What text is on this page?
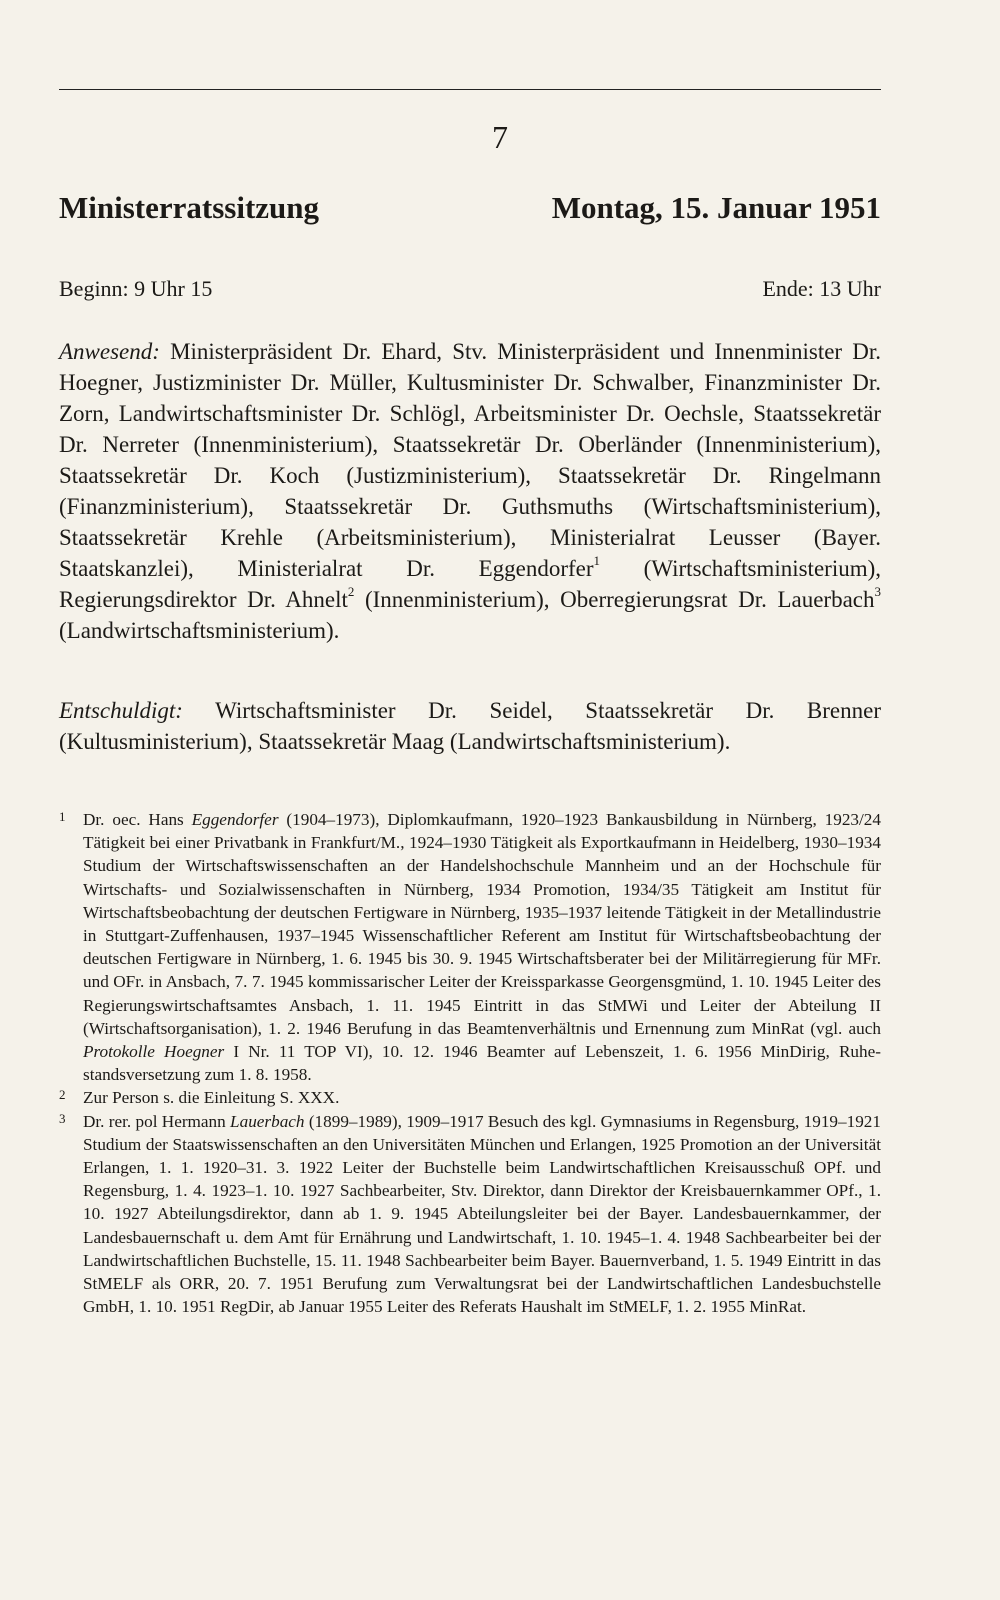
7
Ministerratssitzung	Montag, 15. Januar 1951
Beginn: 9 Uhr 15	Ende: 13 Uhr
Anwesend: Ministerpräsident Dr. Ehard, Stv. Ministerpräsident und Innenminister Dr. Hoegner, Justizminister Dr. Müller, Kultusminister Dr. Schwalber, Finanzminister Dr. Zorn, Landwirtschaftsminister Dr. Schlögl, Arbeitsminister Dr. Oechsle, Staatssekretär Dr. Nerreter (Innenministerium), Staatssekretär Dr. Oberländer (Innenministerium), Staatssekretär Dr. Koch (Justizministerium), Staatssekretär Dr. Ringelmann (Finanzministerium), Staatssekretär Dr. Guthsmuths (Wirtschaftsministerium), Staatssekretär Krehle (Arbeitsministerium), Ministerialrat Leusser (Bayer. Staatskanzlei), Ministerialrat Dr. Eggendorfer$^1$ (Wirtschaftsministerium), Regierungsdirektor Dr. Ahnelt$^2$ (Innenministerium), Oberregierungsrat Dr. Lauerbach$^3$ (Landwirtschaftsministerium).
Entschuldigt: Wirtschaftsminister Dr. Seidel, Staatssekretär Dr. Brenner (Kultusministerium), Staatssekretär Maag (Landwirtschaftsministerium).
1 Dr. oec. Hans Eggendorfer (1904–1973), Diplomkaufmann, 1920–1923 Bankausbildung in Nürnberg, 1923/24 Tätigkeit bei einer Privatbank in Frankfurt/M., 1924–1930 Tätigkeit als Exportkaufmann in Heidelberg, 1930–1934 Studium der Wirtschaftswissenschaften an der Handelshochschule Mannheim und an der Hochschule für Wirtschafts- und Sozialwissenschaften in Nürnberg, 1934 Promotion, 1934/35 Tätigkeit am Institut für Wirtschaftsbeobachtung der deutschen Fertigware in Nürnberg, 1935–1937 leitende Tätigkeit in der Metallindustrie in Stuttgart-Zuffenhausen, 1937–1945 Wissenschaftlicher Referent am Institut für Wirtschaftsbeobachtung der deutschen Fertigware in Nürnberg, 1. 6. 1945 bis 30. 9. 1945 Wirtschaftsberater bei der Militärregierung für MFr. und OFr. in Ansbach, 7. 7. 1945 kommissarischer Leiter der Kreissparkasse Georgensgmünd, 1. 10. 1945 Leiter des Regierungswirtschaftsamtes Ansbach, 1. 11. 1945 Eintritt in das StMWi und Leiter der Abteilung II (Wirtschaftsorganisation), 1. 2. 1946 Berufung in das Beamtenverhältnis und Ernennung zum MinRat (vgl. auch Protokolle Hoegner I Nr. 11 TOP VI), 10. 12. 1946 Beamter auf Lebenszeit, 1. 6. 1956 MinDirig, Ruhestandsversetzung zum 1. 8. 1958.
2 Zur Person s. die Einleitung S. XXX.
3 Dr. rer. pol Hermann Lauerbach (1899–1989), 1909–1917 Besuch des kgl. Gymnasiums in Regensburg, 1919–1921 Studium der Staatswissenschaften an den Universitäten München und Erlangen, 1925 Promotion an der Universität Erlangen, 1. 1. 1920–31. 3. 1922 Leiter der Buchstelle beim Landwirtschaftlichen Kreisausschuß OPf. und Regensburg, 1. 4. 1923–1. 10. 1927 Sachbearbeiter, Stv. Direktor, dann Direktor der Kreisbauernkammer OPf., 1. 10. 1927 Abteilungsdirektor, dann ab 1. 9. 1945 Abteilungsleiter bei der Bayer. Landesbauernkammer, der Landesbauernschaft u. dem Amt für Ernährung und Landwirtschaft, 1. 10. 1945–1. 4. 1948 Sachbearbeiter bei der Landwirtschaftlichen Buchstelle, 15. 11. 1948 Sachbearbeiter beim Bayer. Bauernverband, 1. 5. 1949 Eintritt in das StMELF als ORR, 20. 7. 1951 Berufung zum Verwaltungsrat bei der Landwirtschaftlichen Landesbuchstelle GmbH, 1. 10. 1951 RegDir, ab Januar 1955 Leiter des Referats Haushalt im StMELF, 1. 2. 1955 MinRat.
